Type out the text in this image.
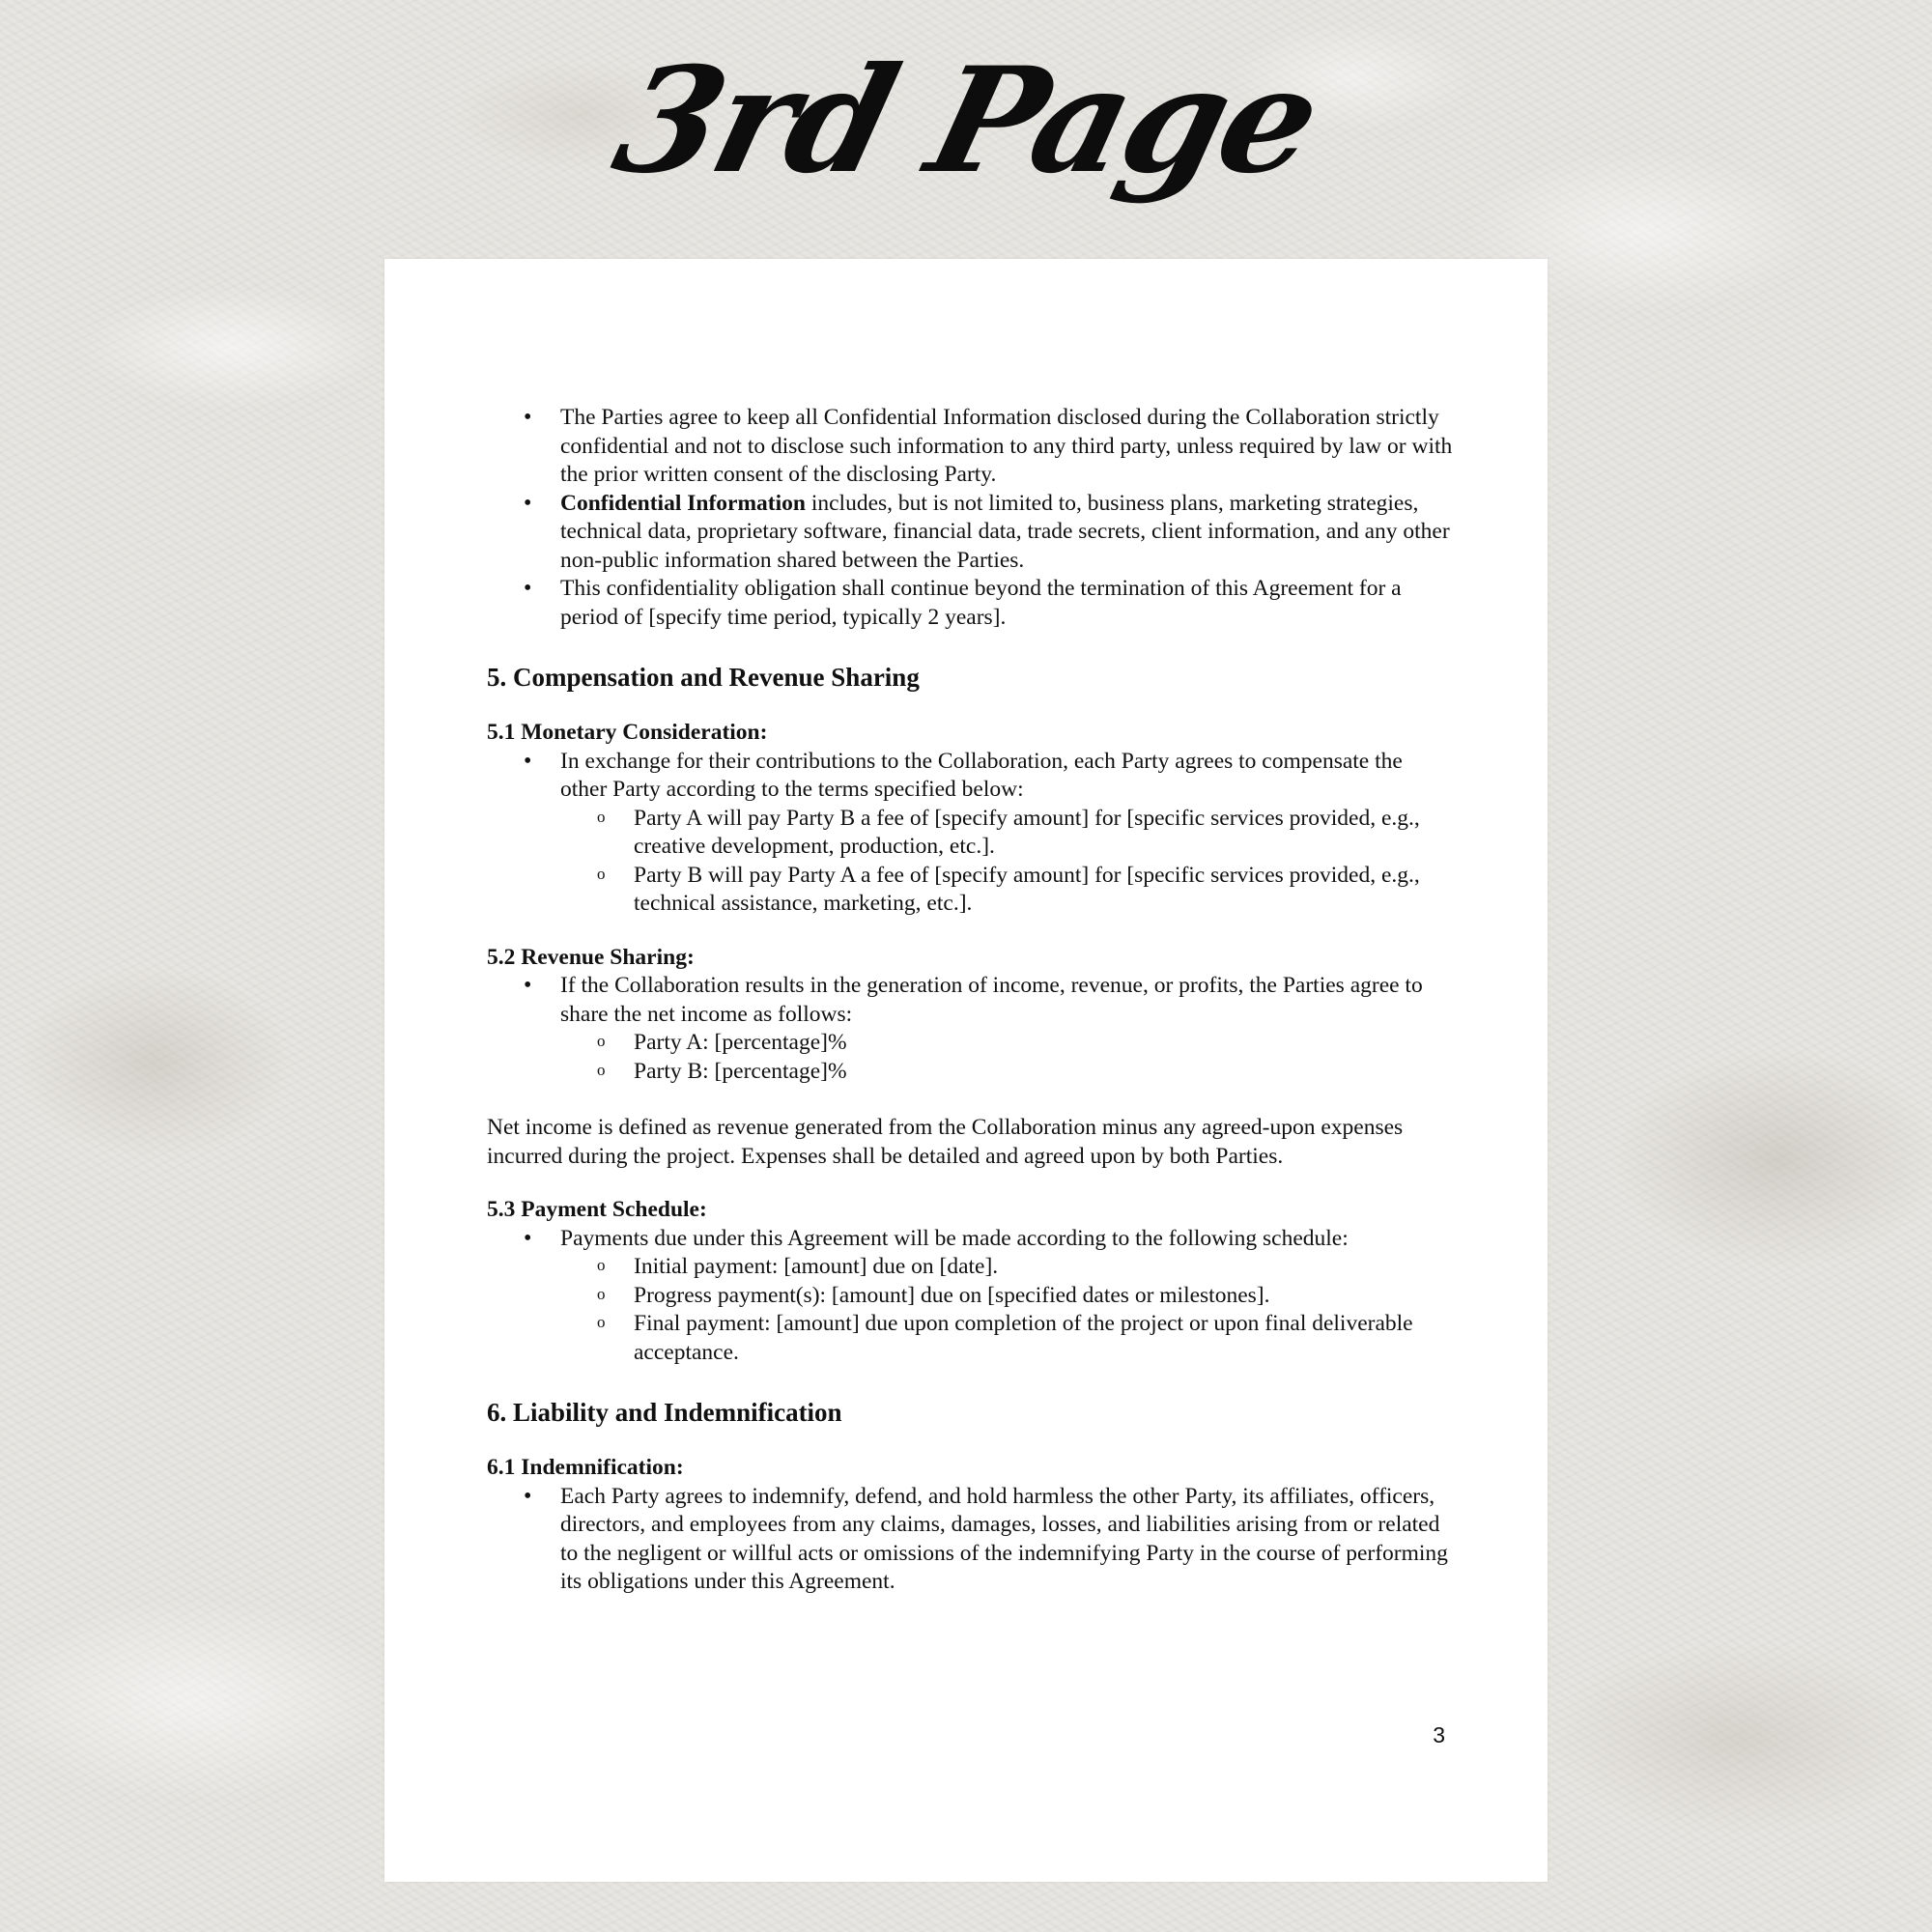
3rd Page
• The Parties agree to keep all Confidential Information disclosed during the Collaboration strictly confidential and not to disclose such information to any third party, unless required by law or with the prior written consent of the disclosing Party.
• Confidential Information includes, but is not limited to, business plans, marketing strategies, technical data, proprietary software, financial data, trade secrets, client information, and any other non-public information shared between the Parties.
• This confidentiality obligation shall continue beyond the termination of this Agreement for a period of [specify time period, typically 2 years].
5. Compensation and Revenue Sharing
5.1 Monetary Consideration:
• In exchange for their contributions to the Collaboration, each Party agrees to compensate the other Party according to the terms specified below:
o Party A will pay Party B a fee of [specify amount] for [specific services provided, e.g., creative development, production, etc.].
o Party B will pay Party A a fee of [specify amount] for [specific services provided, e.g., technical assistance, marketing, etc.].
5.2 Revenue Sharing:
• If the Collaboration results in the generation of income, revenue, or profits, the Parties agree to share the net income as follows:
o Party A: [percentage]%
o Party B: [percentage]%

Net income is defined as revenue generated from the Collaboration minus any agreed-upon expenses incurred during the project. Expenses shall be detailed and agreed upon by both Parties.

5.3 Payment Schedule:
• Payments due under this Agreement will be made according to the following schedule:
o Initial payment: [amount] due on [date].
o Progress payment(s): [amount] due on [specified dates or milestones].
o Final payment: [amount] due upon completion of the project or upon final deliverable acceptance.
6. Liability and Indemnification
6.1 Indemnification:
• Each Party agrees to indemnify, defend, and hold harmless the other Party, its affiliates, officers, directors, and employees from any claims, damages, losses, and liabilities arising from or related to the negligent or willful acts or omissions of the indemnifying Party in the course of performing its obligations under this Agreement.
3
